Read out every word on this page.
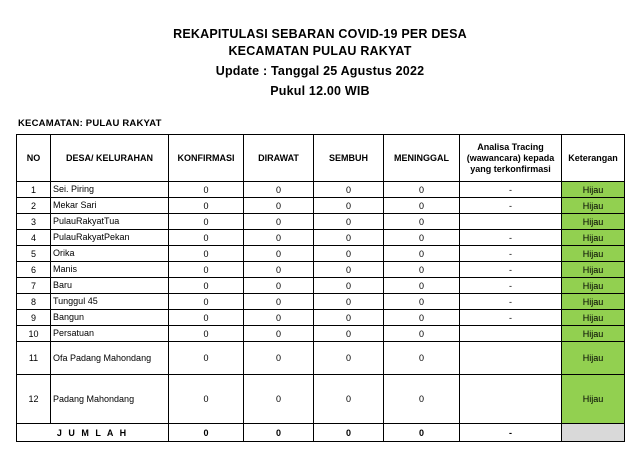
REKAPITULASI SEBARAN COVID-19 PER DESA
KECAMATAN PULAU RAKYAT
Update : Tanggal 25 Agustus 2022
Pukul 12.00 WIB
KECAMATAN: PULAU RAKYAT
NO	DESA/ KELURAHAN	KONFIRMASI	DIRAWAT	SEMBUH	MENINGGAL	Analisa Tracing (wawancara) kepada yang terkonfirmasi	Keterangan
1	Sei. Piring	0	0	0	0	-	Hijau
2	Mekar Sari	0	0	0	0	-	Hijau
3	PulauRakyatTua	0	0	0	0		Hijau
4	PulauRakyatPekan	0	0	0	0	-	Hijau
5	Orika	0	0	0	0	-	Hijau
6	Manis	0	0	0	0	-	Hijau
7	Baru	0	0	0	0	-	Hijau
8	Tunggul 45	0	0	0	0	-	Hijau
9	Bangun	0	0	0	0	-	Hijau
10	Persatuan	0	0	0	0		Hijau
11	Ofa Padang Mahondang	0	0	0	0		Hijau
12	Padang Mahondang	0	0	0	0		Hijau
J U M L A H		0	0	0	0	-	
